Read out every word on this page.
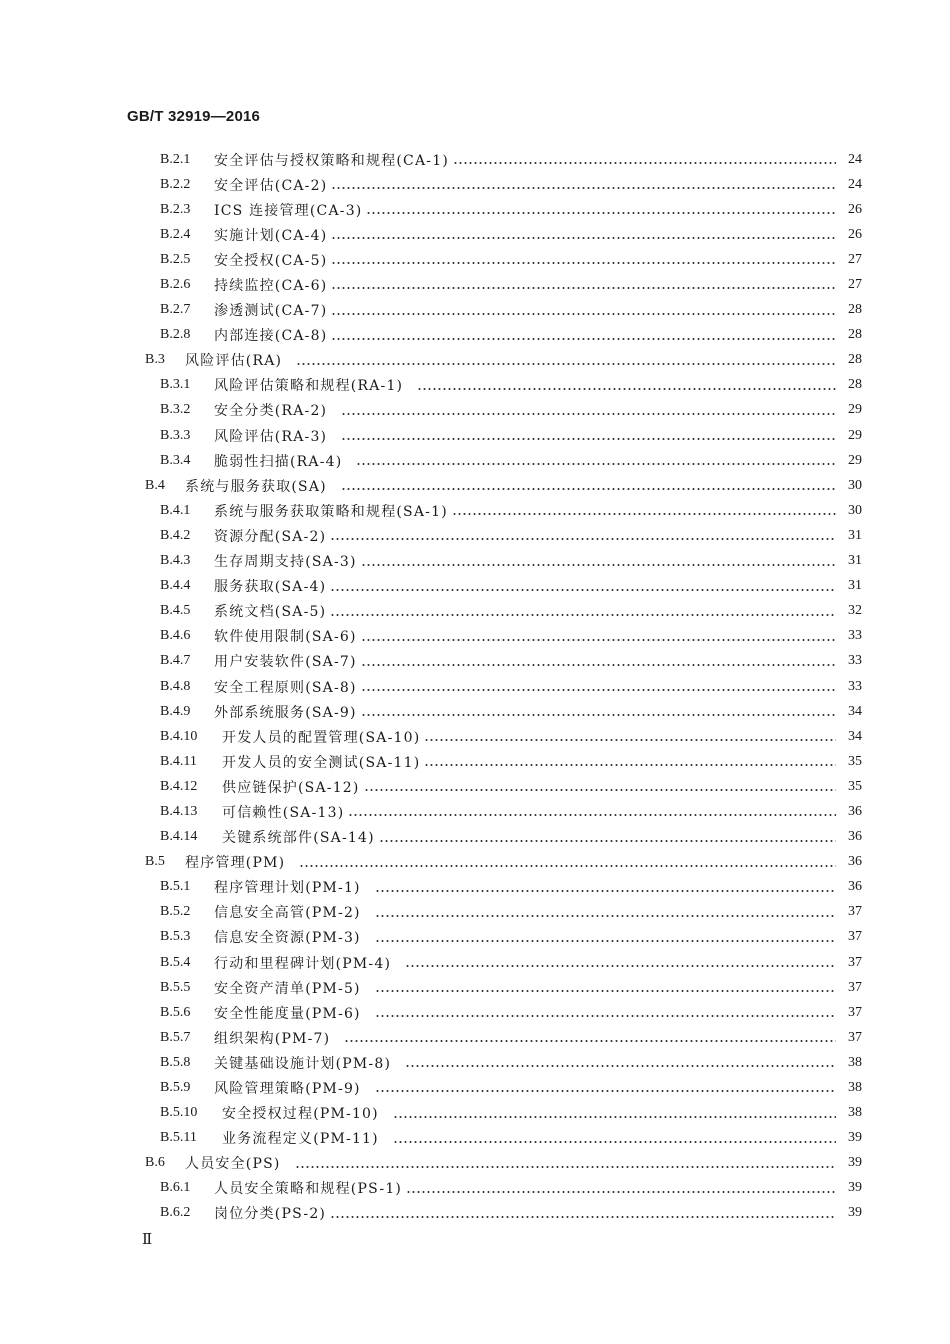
GB/T 32919—2016
B.2.1	安全评估与授权策略和规程(CA-1)	24
B.2.2	安全评估(CA-2)	24
B.2.3	ICS 连接管理(CA-3)	26
B.2.4	实施计划(CA-4)	26
B.2.5	安全授权(CA-5)	27
B.2.6	持续监控(CA-6)	27
B.2.7	渗透测试(CA-7)	28
B.2.8	内部连接(CA-8)	28
B.3	风险评估(RA)	28
B.3.1	风险评估策略和规程(RA-1)	28
B.3.2	安全分类(RA-2)	29
B.3.3	风险评估(RA-3)	29
B.3.4	脆弱性扫描(RA-4)	29
B.4	系统与服务获取(SA)	30
B.4.1	系统与服务获取策略和规程(SA-1)	30
B.4.2	资源分配(SA-2)	31
B.4.3	生存周期支持(SA-3)	31
B.4.4	服务获取(SA-4)	31
B.4.5	系统文档(SA-5)	32
B.4.6	软件使用限制(SA-6)	33
B.4.7	用户安装软件(SA-7)	33
B.4.8	安全工程原则(SA-8)	33
B.4.9	外部系统服务(SA-9)	34
B.4.10	开发人员的配置管理(SA-10)	34
B.4.11	开发人员的安全测试(SA-11)	35
B.4.12	供应链保护(SA-12)	35
B.4.13	可信赖性(SA-13)	36
B.4.14	关键系统部件(SA-14)	36
B.5	程序管理(PM)	36
B.5.1	程序管理计划(PM-1)	36
B.5.2	信息安全高管(PM-2)	37
B.5.3	信息安全资源(PM-3)	37
B.5.4	行动和里程碑计划(PM-4)	37
B.5.5	安全资产清单(PM-5)	37
B.5.6	安全性能度量(PM-6)	37
B.5.7	组织架构(PM-7)	37
B.5.8	关键基础设施计划(PM-8)	38
B.5.9	风险管理策略(PM-9)	38
B.5.10	安全授权过程(PM-10)	38
B.5.11	业务流程定义(PM-11)	39
B.6	人员安全(PS)	39
B.6.1	人员安全策略和规程(PS-1)	39
B.6.2	岗位分类(PS-2)	39
Ⅱ
